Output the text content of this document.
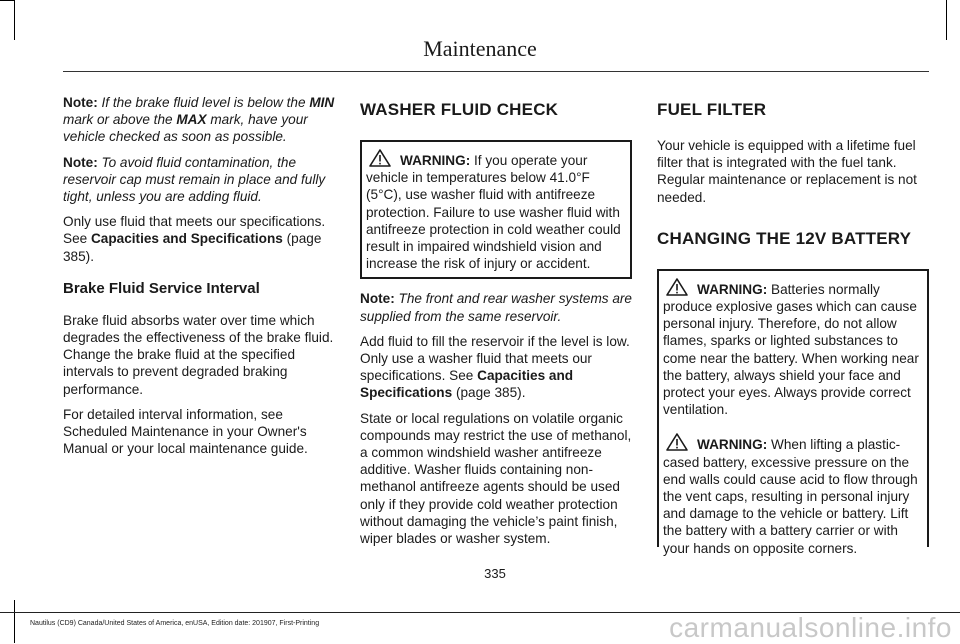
Maintenance

Note: If the brake fluid level is below the MIN mark or above the MAX mark, have your vehicle checked as soon as possible.

Note: To avoid fluid contamination, the reservoir cap must remain in place and fully tight, unless you are adding fluid.

Only use fluid that meets our specifications. See Capacities and Specifications (page 385).

Brake Fluid Service Interval

Brake fluid absorbs water over time which degrades the effectiveness of the brake fluid. Change the brake fluid at the specified intervals to prevent degraded braking performance.

For detailed interval information, see Scheduled Maintenance in your Owner's Manual or your local maintenance guide.

WASHER FLUID CHECK

WARNING: If you operate your vehicle in temperatures below 41.0°F (5°C), use washer fluid with antifreeze protection. Failure to use washer fluid with antifreeze protection in cold weather could result in impaired windshield vision and increase the risk of injury or accident.

Note: The front and rear washer systems are supplied from the same reservoir.

Add fluid to fill the reservoir if the level is low. Only use a washer fluid that meets our specifications. See Capacities and Specifications (page 385).

State or local regulations on volatile organic compounds may restrict the use of methanol, a common windshield washer antifreeze additive. Washer fluids containing non-methanol antifreeze agents should be used only if they provide cold weather protection without damaging the vehicle’s paint finish, wiper blades or washer system.

FUEL FILTER

Your vehicle is equipped with a lifetime fuel filter that is integrated with the fuel tank. Regular maintenance or replacement is not needed.

CHANGING THE 12V BATTERY

WARNING: Batteries normally produce explosive gases which can cause personal injury. Therefore, do not allow flames, sparks or lighted substances to come near the battery. When working near the battery, always shield your face and protect your eyes. Always provide correct ventilation.

WARNING: When lifting a plastic-cased battery, excessive pressure on the end walls could cause acid to flow through the vent caps, resulting in personal injury and damage to the vehicle or battery. Lift the battery with a battery carrier or with your hands on opposite corners.

335
Nautilus (CD9) Canada/United States of America, enUSA, Edition date: 201907, First-Printing	carmanualsonline.info
